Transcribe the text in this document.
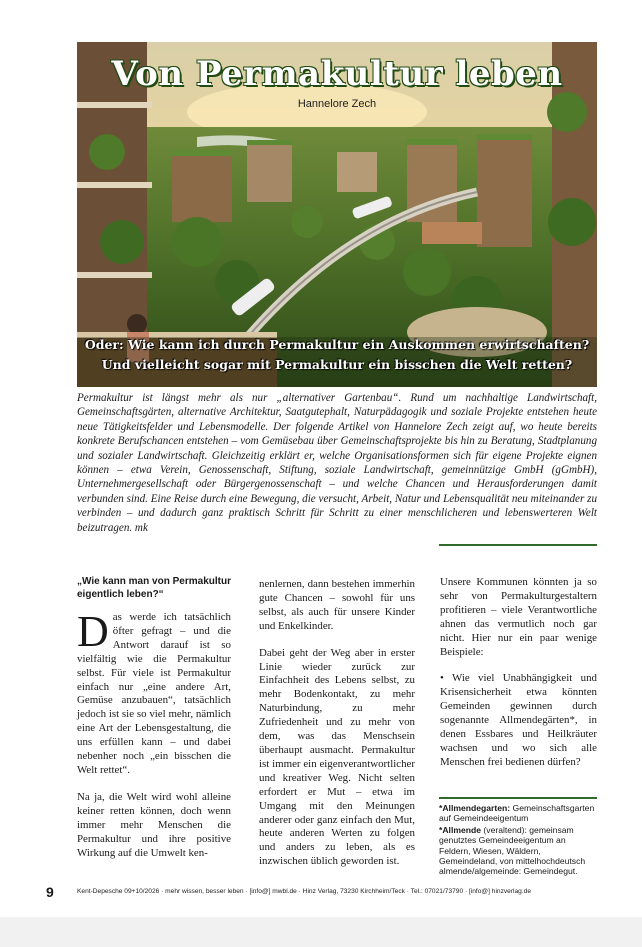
Von Permakultur leben
Hannelore Zech
Oder: Wie kann ich durch Permakultur ein Auskommen erwirtschaften?
Und vielleicht sogar mit Permakultur ein bisschen die Welt retten?

Permakultur ist längst mehr als nur „alternativer Gartenbau“. Rund um nachhaltige Landwirtschaft, Gemeinschaftsgärten, alternative Architektur, Saatgutерhalt, Naturpädagogik und soziale Projekte entstehen heute neue Tätigkeitsfelder und Lebensmodelle. Der folgende Artikel von Hannelore Zech zeigt auf, wo heute bereits konkrete Berufschancen entstehen – vom Gemüsebau über Gemeinschaftsprojekte bis hin zu Beratung, Stadtplanung und sozialer Landwirtschaft. Gleichzeitig erklärt er, welche Organisationsformen sich für eigene Projekte eignen können – etwa Verein, Genossenschaft, Stiftung, soziale Landwirtschaft, gemeinnützige GmbH (gGmbH), Unternehmergesellschaft oder Bürgergenossenschaft – und welche Chancen und Herausforderungen damit verbunden sind. Eine Reise durch eine Bewegung, die versucht, Arbeit, Natur und Lebensqualität neu miteinander zu verbinden – und dadurch ganz praktisch Schritt für Schritt zu einer menschlicheren und lebenswerteren Welt beizutragen. mk

„Wie kann man von Permakultur eigentlich leben?“

Das werde ich tatsächlich öfter gefragt – und die Antwort darauf ist so vielfältig wie die Permakultur selbst. Für viele ist Permakultur einfach nur „eine andere Art, Gemüse anzubauen“, tatsächlich jedoch ist sie so viel mehr, nämlich eine Art der Lebensgestaltung, die uns erfüllen kann – und dabei nebenher noch „ein bisschen die Welt rettet“.

Na ja, die Welt wird wohl alleine keiner retten können, doch wenn immer mehr Menschen die Permakultur und ihre positive Wirkung auf die Umwelt ken-

nenlernen, dann bestehen immerhin gute Chancen – sowohl für uns selbst, als auch für unsere Kinder und Enkelkinder.

Dabei geht der Weg aber in erster Linie wieder zurück zur Einfachheit des Lebens selbst, zu mehr Bodenkontakt, zu mehr Naturbindung, zu mehr Zufriedenheit und zu mehr von dem, was das Menschsein überhaupt ausmacht. Permakultur ist immer ein eigenverantwortlicher und kreativer Weg. Nicht selten erfordert er Mut – etwa im Umgang mit den Meinungen anderer oder ganz einfach den Mut, heute anderen Werten zu folgen und anders zu leben, als es inzwischen üblich geworden ist.

Unsere Kommunen könnten ja so sehr von Permakulturgestaltern profitieren – viele Verantwortliche ahnen das vermutlich noch gar nicht. Hier nur ein paar wenige Beispiele:

• Wie viel Unabhängigkeit und Krisensicherheit etwa könnten Gemeinden gewinnen durch sogenannte Allmendegärten*, in denen Essbares und Heilkräuter wachsen und wo sich alle Menschen frei bedienen dürfen?

*Allmendegarten: Gemeinschaftsgarten auf Gemeindeeigentum

*Allmende (veraltend): gemeinsam genutztes Gemeindeeigentum an Feldern, Wiesen, Wäldern, Gemeindeland, von mittelhochdeutsch almende/algemeinde: Gemeindegut.

9	Kent-Depesche 09+10/2026 · mehr wissen, besser leben · [info@] mwbl.de · Hinz Verlag, 73230 Kirchheim/Teck · Tel.: 07021/73790 · [info@] hinzverlag.de
